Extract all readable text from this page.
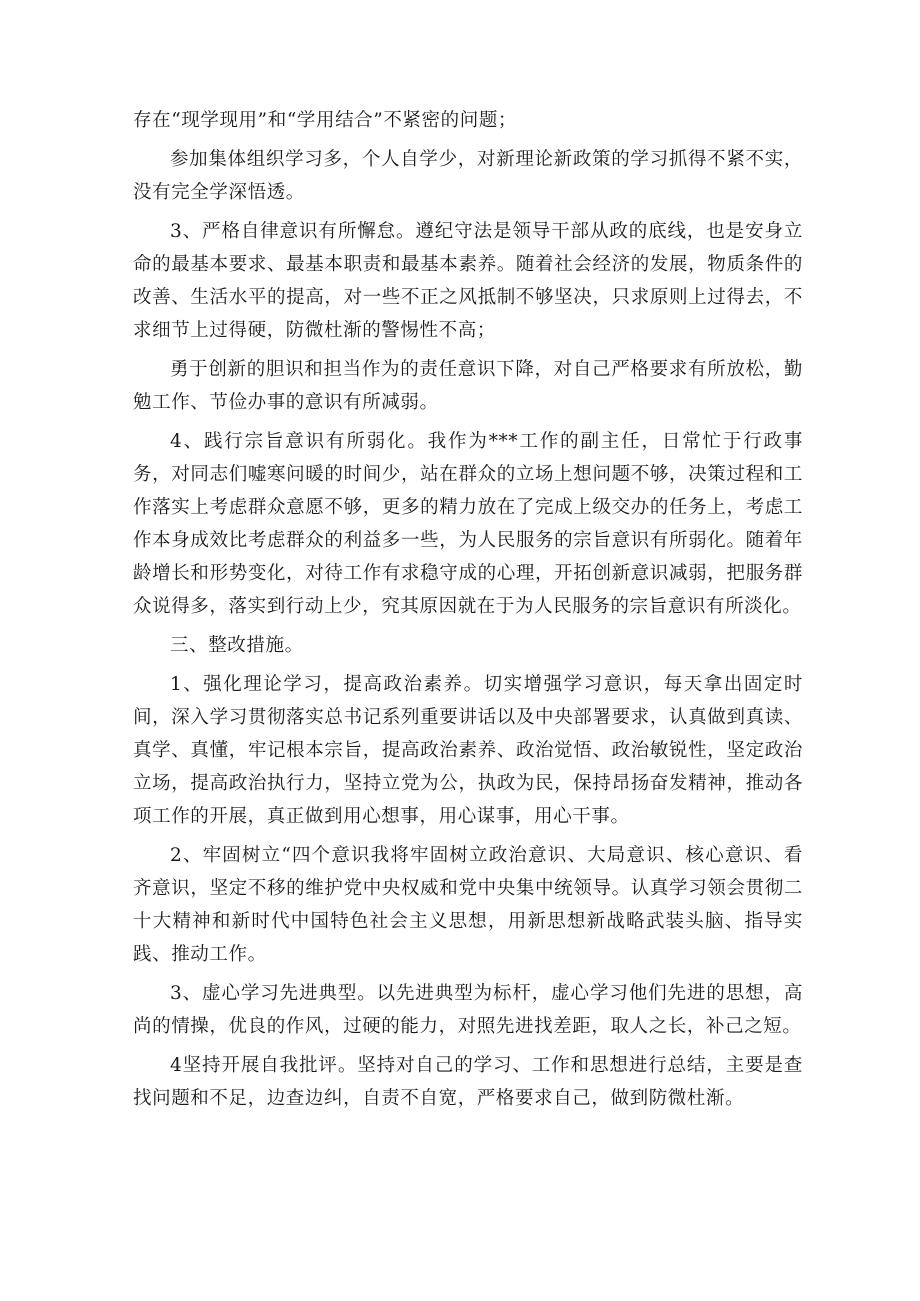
存在“现学现用”和“学用结合”不紧密的问题；

参加集体组织学习多，个人自学少，对新理论新政策的学习抓得不紧不实，没有完全学深悟透。

3、严格自律意识有所懈怠。遵纪守法是领导干部从政的底线，也是安身立命的最基本要求、最基本职责和最基本素养。随着社会经济的发展，物质条件的改善、生活水平的提高，对一些不正之风抵制不够坚决，只求原则上过得去，不求细节上过得硬，防微杜渐的警惕性不高；

勇于创新的胆识和担当作为的责任意识下降，对自己严格要求有所放松，勤勉工作、节俭办事的意识有所减弱。

4、践行宗旨意识有所弱化。我作为***工作的副主任，日常忙于行政事务，对同志们嘘寒问暖的时间少，站在群众的立场上想问题不够，决策过程和工作落实上考虑群众意愿不够，更多的精力放在了完成上级交办的任务上，考虑工作本身成效比考虑群众的利益多一些，为人民服务的宗旨意识有所弱化。随着年龄增长和形势变化，对待工作有求稳守成的心理，开拓创新意识减弱，把服务群众说得多，落实到行动上少，究其原因就在于为人民服务的宗旨意识有所淡化。

三、整改措施。

1、强化理论学习，提高政治素养。切实增强学习意识，每天拿出固定时间，深入学习贯彻落实总书记系列重要讲话以及中央部署要求，认真做到真读、真学、真懂，牢记根本宗旨，提高政治素养、政治觉悟、政治敏锐性，坚定政治立场，提高政治执行力，坚持立党为公，执政为民，保持昂扬奋发精神，推动各项工作的开展，真正做到用心想事，用心谋事，用心干事。

2、牢固树立“四个意识我将牢固树立政治意识、大局意识、核心意识、看齐意识，坚定不移的维护党中央权威和党中央集中统领导。认真学习领会贯彻二十大精神和新时代中国特色社会主义思想，用新思想新战略武装头脑、指导实践、推动工作。

3、虚心学习先进典型。以先进典型为标杆，虚心学习他们先进的思想，高尚的情操，优良的作风，过硬的能力，对照先进找差距，取人之长，补己之短。

4坚持开展自我批评。坚持对自己的学习、工作和思想进行总结，主要是查找问题和不足，边查边纠，自责不自宽，严格要求自己，做到防微杜渐。
